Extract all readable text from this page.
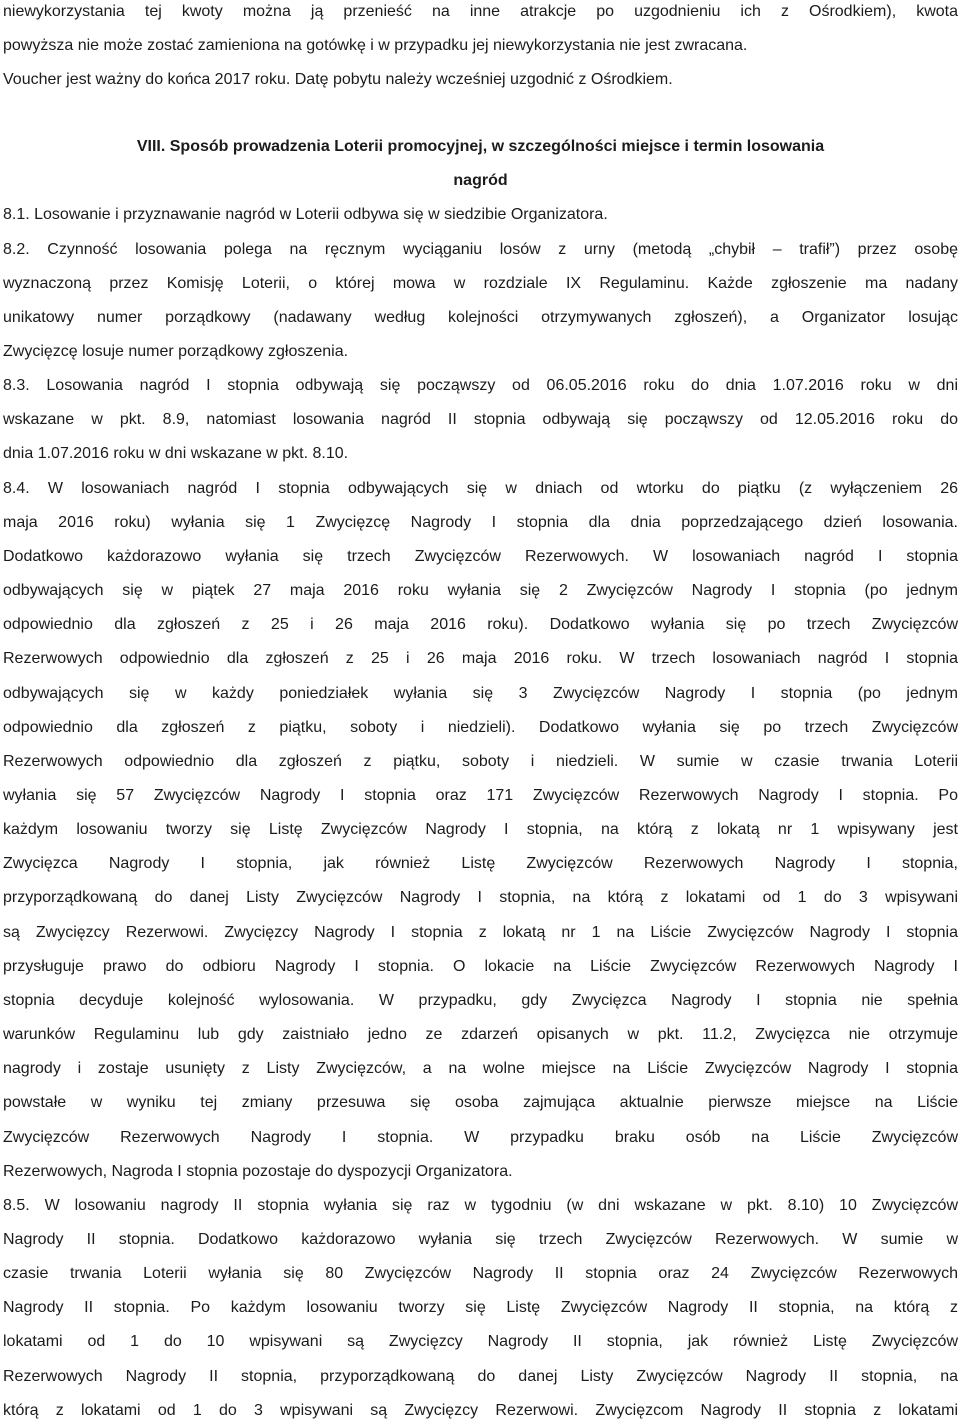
niewykorzystania tej kwoty można ją przenieść na inne atrakcje po uzgodnieniu ich z Ośrodkiem), kwota
powyższa nie może zostać zamieniona na gotówkę i w przypadku jej niewykorzystania nie jest zwracana.
Voucher jest ważny do końca 2017 roku. Datę pobytu należy wcześniej uzgodnić z Ośrodkiem.
VIII. Sposób prowadzenia Loterii promocyjnej, w szczególności miejsce i termin losowania
nagród
8.1. Losowanie i przyznawanie nagród w Loterii odbywa się w siedzibie Organizatora.
8.2. Czynność losowania polega na ręcznym wyciąganiu losów z urny (metodą „chybił – trafił”) przez osobę
wyznaczoną przez Komisję Loterii, o której mowa w rozdziale IX Regulaminu. Każde zgłoszenie ma nadany
unikatowy numer porządkowy (nadawany według kolejności otrzymywanych zgłoszeń), a Organizator losując
Zwycięzcę losuje numer porządkowy zgłoszenia.
8.3. Losowania nagród I stopnia odbywają się począwszy od 06.05.2016 roku do dnia 1.07.2016 roku w dni
wskazane w pkt. 8.9, natomiast losowania nagród II stopnia odbywają się począwszy od 12.05.2016 roku do
dnia 1.07.2016 roku w dni wskazane w pkt. 8.10.
8.4. W losowaniach nagród I stopnia odbywających się w dniach od wtorku do piątku (z wyłączeniem 26
maja 2016 roku) wyłania się 1 Zwycięzcę Nagrody I stopnia dla dnia poprzedzającego dzień losowania.
Dodatkowo każdorazowo wyłania się trzech Zwycięzców Rezerwowych. W losowaniach nagród I stopnia
odbywających się w piątek 27 maja 2016 roku wyłania się 2 Zwycięzców Nagrody I stopnia (po jednym
odpowiednio dla zgłoszeń z 25 i 26 maja 2016 roku). Dodatkowo wyłania się po trzech Zwycięzców
Rezerwowych odpowiednio dla zgłoszeń z 25 i 26 maja 2016 roku. W trzech losowaniach nagród I stopnia
odbywających się w każdy poniedziałek wyłania się 3 Zwycięzców Nagrody I stopnia (po jednym
odpowiednio dla zgłoszeń z piątku, soboty i niedzieli). Dodatkowo wyłania się po trzech Zwycięzców
Rezerwowych odpowiednio dla zgłoszeń z piątku, soboty i niedzieli. W sumie w czasie trwania Loterii
wyłania się 57 Zwycięzców Nagrody I stopnia oraz 171 Zwycięzców Rezerwowych Nagrody I stopnia. Po
każdym losowaniu tworzy się Listę Zwycięzców Nagrody I stopnia, na którą z lokatą nr 1 wpisywany jest
Zwycięzca Nagrody I stopnia, jak również Listę Zwycięzców Rezerwowych Nagrody I stopnia,
przyporządkowaną do danej Listy Zwycięzców Nagrody I stopnia, na którą z lokatami od 1 do 3 wpisywani
są Zwycięzcy Rezerwowi. Zwycięzcy Nagrody I stopnia z lokatą nr 1 na Liście Zwycięzców Nagrody I stopnia
przysługuje prawo do odbioru Nagrody I stopnia. O lokacie na Liście Zwycięzców Rezerwowych Nagrody I
stopnia decyduje kolejność wylosowania. W przypadku, gdy Zwycięzca Nagrody I stopnia nie spełnia
warunków Regulaminu lub gdy zaistniało jedno ze zdarzeń opisanych w pkt. 11.2, Zwycięzca nie otrzymuje
nagrody i zostaje usunięty z Listy Zwycięzców, a na wolne miejsce na Liście Zwycięzców Nagrody I stopnia
powstałe w wyniku tej zmiany przesuwa się osoba zajmująca aktualnie pierwsze miejsce na Liście
Zwycięzców Rezerwowych Nagrody I stopnia. W przypadku braku osób na Liście Zwycięzców
Rezerwowych, Nagroda I stopnia pozostaje do dyspozycji Organizatora.
8.5. W losowaniu nagrody II stopnia wyłania się raz w tygodniu (w dni wskazane w pkt. 8.10) 10 Zwycięzców
Nagrody II stopnia. Dodatkowo każdorazowo wyłania się trzech Zwycięzców Rezerwowych. W sumie w
czasie trwania Loterii wyłania się 80 Zwycięzców Nagrody II stopnia oraz 24 Zwycięzców Rezerwowych
Nagrody II stopnia. Po każdym losowaniu tworzy się Listę Zwycięzców Nagrody II stopnia, na którą z
lokatami od 1 do 10 wpisywani są Zwycięzcy Nagrody II stopnia, jak również Listę Zwycięzców
Rezerwowych Nagrody II stopnia, przyporządkowaną do danej Listy Zwycięzców Nagrody II stopnia, na
którą z lokatami od 1 do 3 wpisywani są Zwycięzcy Rezerwowi. Zwycięzcom Nagrody II stopnia z lokatami
